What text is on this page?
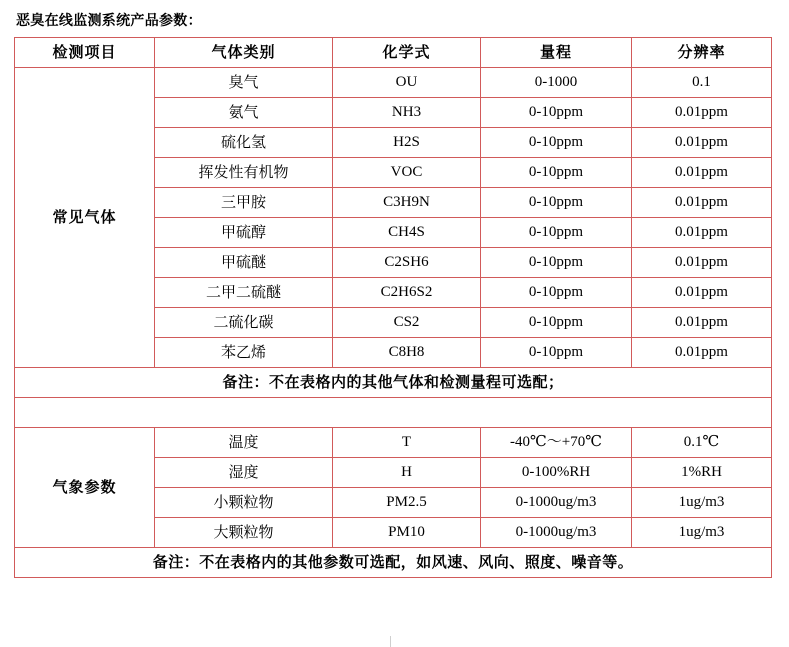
恶臭在线监测系统产品参数：
检测项目	气体类别	化学式	量程	分辨率
常见气体	臭气	OU	0-1000	0.1
	氨气	NH3	0-10ppm	0.01ppm
	硫化氢	H2S	0-10ppm	0.01ppm
	挥发性有机物	VOC	0-10ppm	0.01ppm
	三甲胺	C3H9N	0-10ppm	0.01ppm
	甲硫醇	CH4S	0-10ppm	0.01ppm
	甲硫醚	C2SH6	0-10ppm	0.01ppm
	二甲二硫醚	C2H6S2	0-10ppm	0.01ppm
	二硫化碳	CS2	0-10ppm	0.01ppm
	苯乙烯	C8H8	0-10ppm	0.01ppm
备注：不在表格内的其他气体和检测量程可选配；				

气象参数	温度	T	-40℃～+70℃	0.1℃
	湿度	H	0-100%RH	1%RH
	小颗粒物	PM2.5	0-1000ug/m3	1ug/m3
	大颗粒物	PM10	0-1000ug/m3	1ug/m3
备注：不在表格内的其他参数可选配，如风速、风向、照度、噪音等。				
